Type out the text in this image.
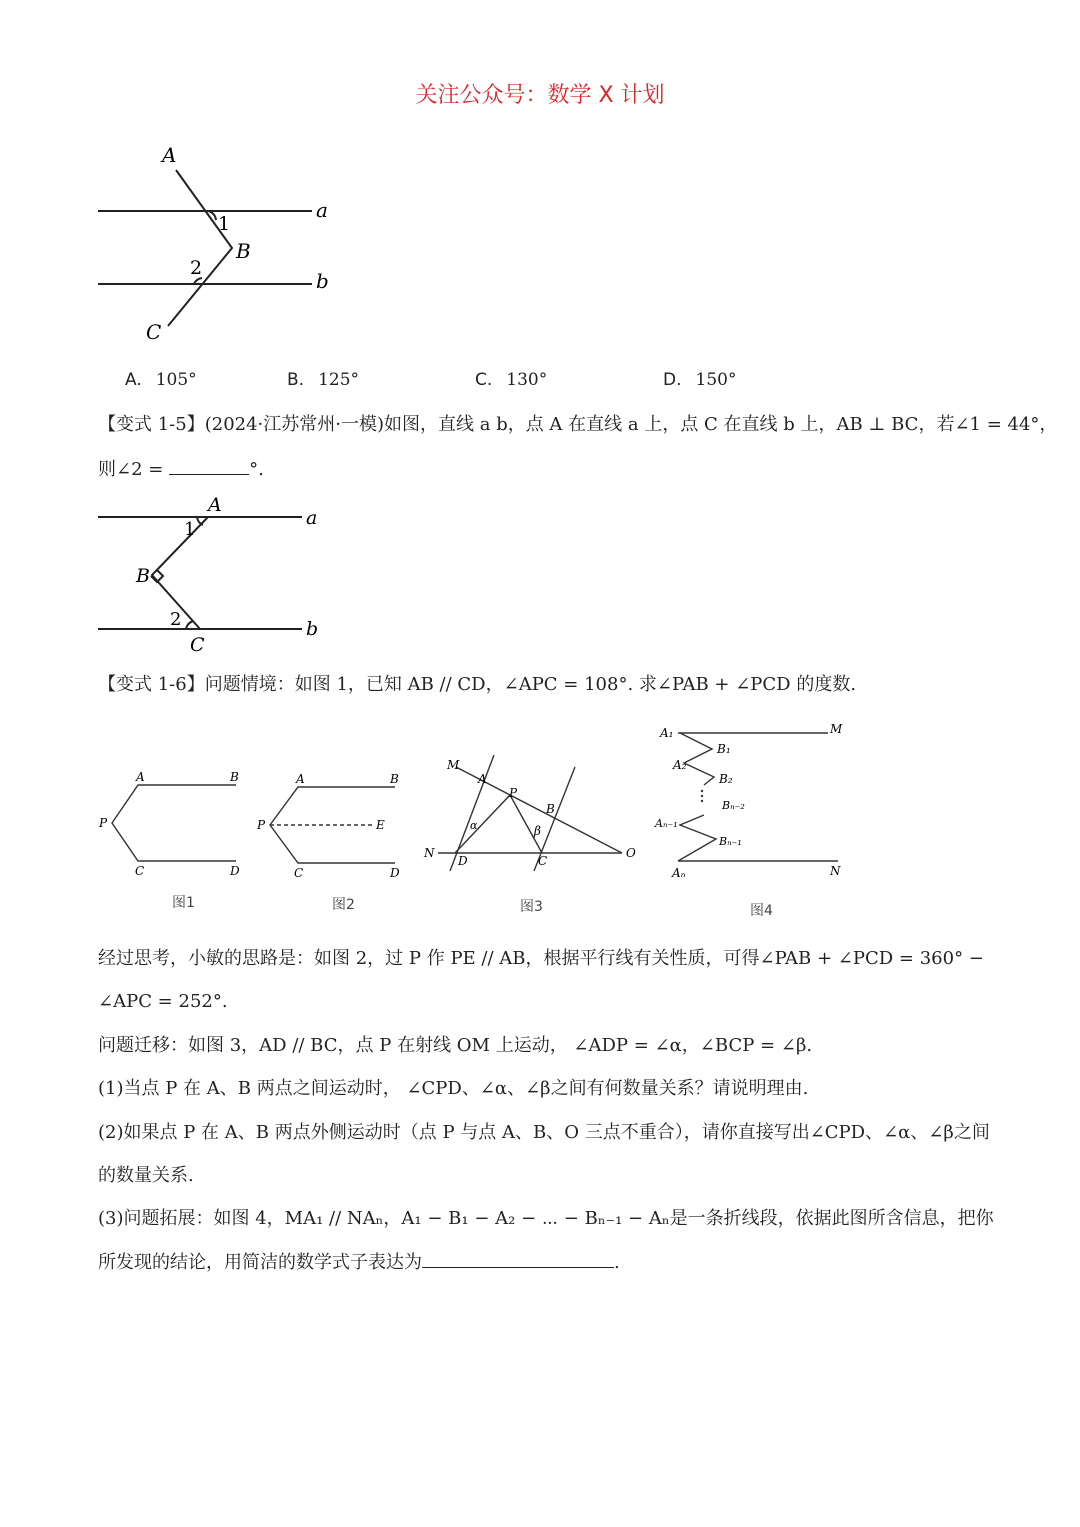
关注公众号：数学 X 计划
A
a
1
B
2
b
C
A. 105°	B. 125°	C. 130°	D. 150°
【变式 1-5】(2024·江苏常州·一模)如图，直线 a b，点 A 在直线 a 上，点 C 在直线 b 上，AB ⊥ BC，若∠1 = 44°，
则∠2 =	°.
A
a
1
B
2	b
C
【变式 1-6】问题情境：如图 1，已知 AB // CD，∠APC = 108°. 求∠PAB + ∠PCD 的度数.
A	B
P
C	D
图1
A	B
P	E
C	D
图2
M
A
P
B
α	β
N
D	C
O
图3
A₁	M
B₁
A₂
B₂
Bₙ₋₂
Aₙ₋₁
Bₙ₋₁
Aₙ	N
图4
经过思考，小敏的思路是：如图 2，过 P 作 PE // AB，根据平行线有关性质，可得∠PAB + ∠PCD = 360° −
∠APC = 252°.
问题迁移：如图 3，AD // BC，点 P 在射线 OM 上运动， ∠ADP = ∠α，∠BCP = ∠β.
(1)当点 P 在 A、B 两点之间运动时， ∠CPD、∠α、∠β之间有何数量关系？请说明理由.
(2)如果点 P 在 A、B 两点外侧运动时（点 P 与点 A、B、O 三点不重合），请你直接写出∠CPD、∠α、∠β之间
的数量关系.
(3)问题拓展：如图 4，MA₁ // NAₙ，A₁ − B₁ − A₂ − ⋯ − Bₙ₋₁ − Aₙ是一条折线段，依据此图所含信息，把你
所发现的结论，用简洁的数学式子表达为	.
